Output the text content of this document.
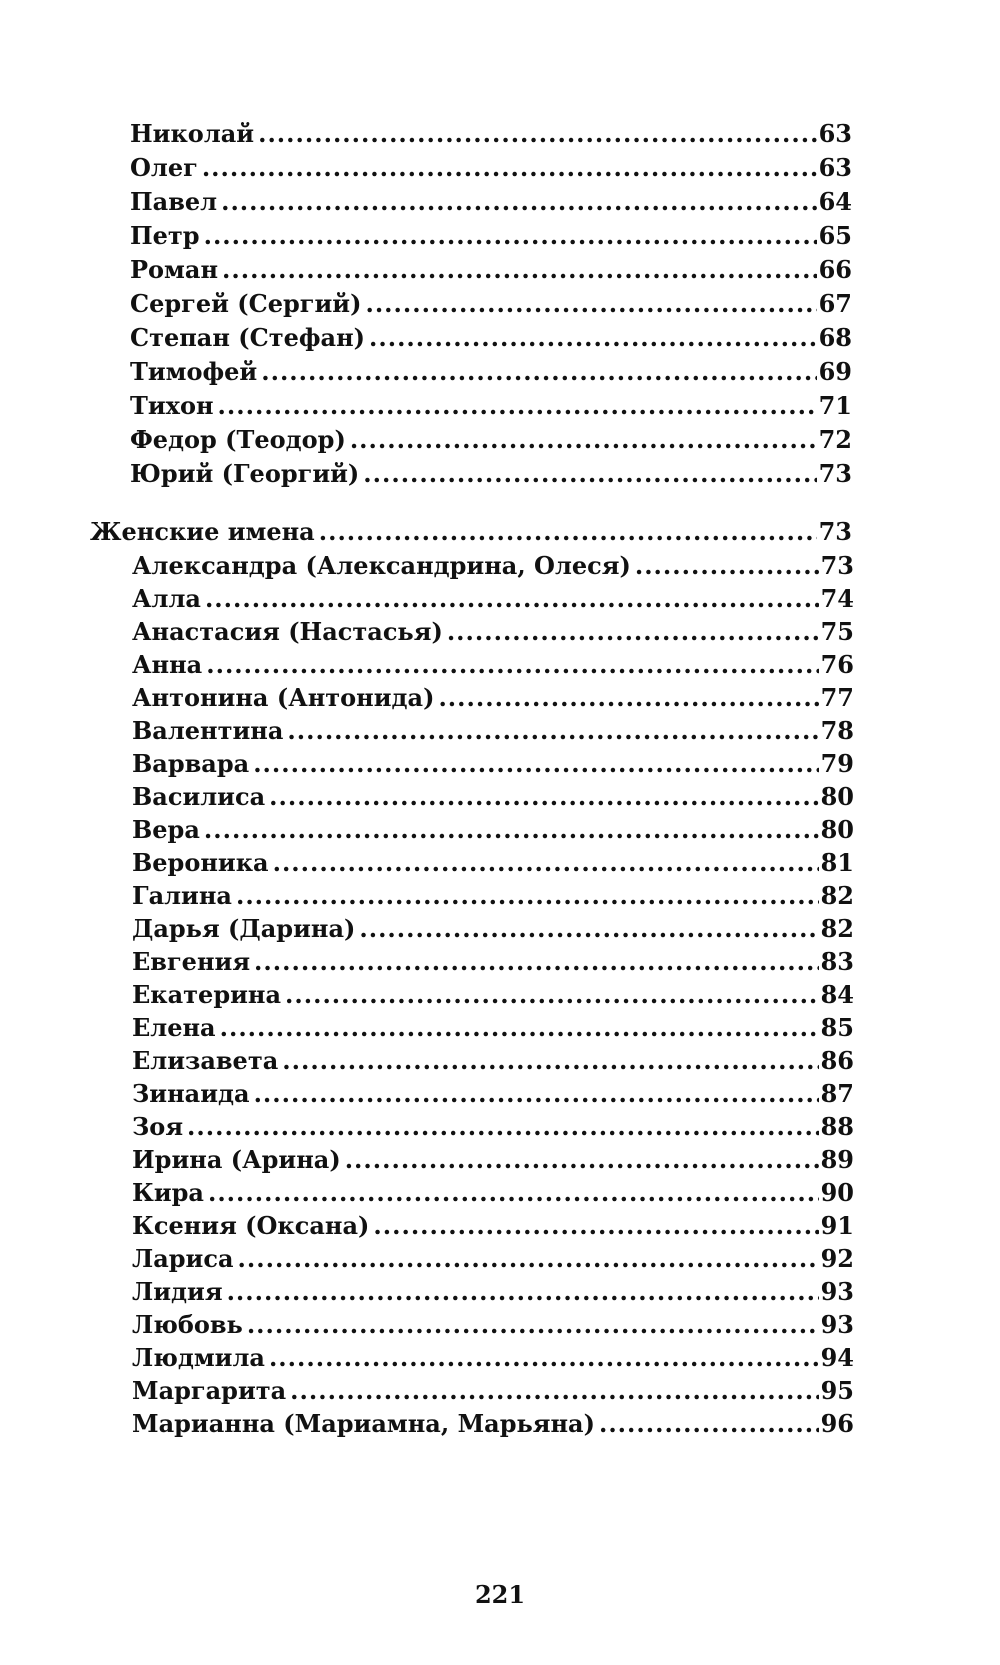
Николай .....	63
Олег .....	63
Павел .....	64
Петр .....	65
Роман .....	66
Сергей (Сергий) .....	67
Степан (Стефан) .....	68
Тимофей .....	69
Тихон .....	71
Федор (Теодор) .....	72
Юрий (Георгий) .....	73
Женские имена .....	73
Александра (Александрина, Олеся) .....	73
Алла .....	74
Анастасия (Настасья) .....	75
Анна .....	76
Антонина (Антонида) .....	77
Валентина .....	78
Варвара .....	79
Василиса .....	80
Вера .....	80
Вероника .....	81
Галина .....	82
Дарья (Дарина) .....	82
Евгения .....	83
Екатерина .....	84
Елена .....	85
Елизавета .....	86
Зинаида .....	87
Зоя .....	88
Ирина (Арина) .....	89
Кира .....	90
Ксения (Оксана) .....	91
Лариса .....	92
Лидия .....	93
Любовь .....	93
Людмила .....	94
Маргарита .....	95
Марианна (Мариамна, Марьяна) .....	96
221
